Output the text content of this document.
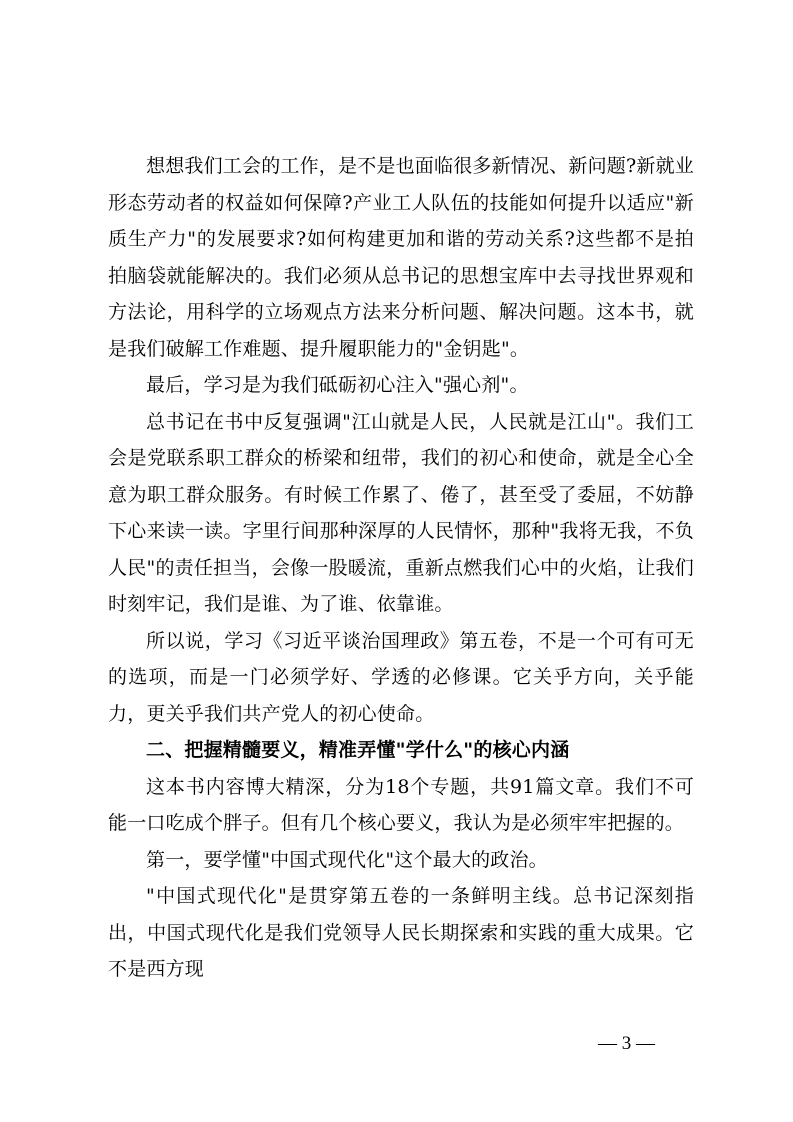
想想我们工会的工作，是不是也面临很多新情况、新问题?新就业形态劳动者的权益如何保障?产业工人队伍的技能如何提升以适应"新质生产力"的发展要求?如何构建更加和谐的劳动关系?这些都不是拍拍脑袋就能解决的。我们必须从总书记的思想宝库中去寻找世界观和方法论，用科学的立场观点方法来分析问题、解决问题。这本书，就是我们破解工作难题、提升履职能力的"金钥匙"。

最后，学习是为我们砥砺初心注入"强心剂"。

总书记在书中反复强调"江山就是人民，人民就是江山"。我们工会是党联系职工群众的桥梁和纽带，我们的初心和使命，就是全心全意为职工群众服务。有时候工作累了、倦了，甚至受了委屈，不妨静下心来读一读。字里行间那种深厚的人民情怀，那种"我将无我，不负人民"的责任担当，会像一股暖流，重新点燃我们心中的火焰，让我们时刻牢记，我们是谁、为了谁、依靠谁。

所以说，学习《习近平谈治国理政》第五卷，不是一个可有可无的选项，而是一门必须学好、学透的必修课。它关乎方向，关乎能力，更关乎我们共产党人的初心使命。

二、把握精髓要义，精准弄懂"学什么"的核心内涵

这本书内容博大精深，分为18个专题，共91篇文章。我们不可能一口吃成个胖子。但有几个核心要义，我认为是必须牢牢把握的。

第一，要学懂"中国式现代化"这个最大的政治。

"中国式现代化"是贯穿第五卷的一条鲜明主线。总书记深刻指出，中国式现代化是我们党领导人民长期探索和实践的重大成果。它不是西方现

— 3 —
